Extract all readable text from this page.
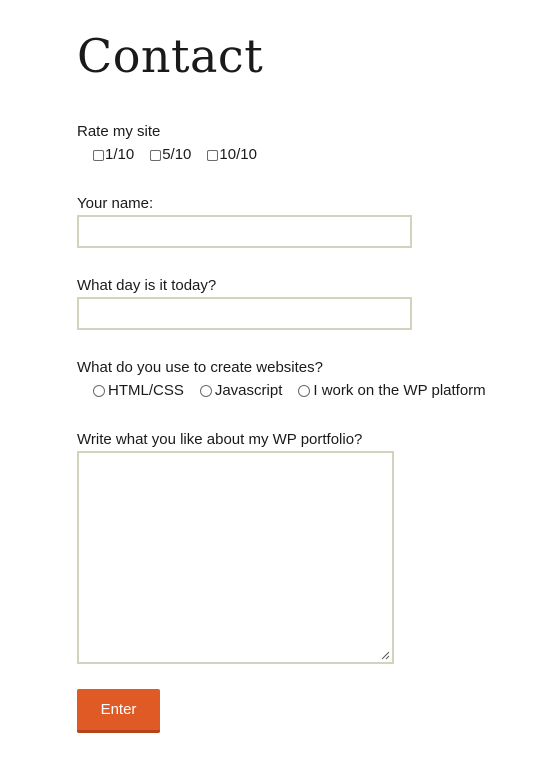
Contact
Rate my site
1/10 5/10 10/10
Your name:
What day is it today?
What do you use to create websites?
HTML/CSS Javascript I work on the WP platform
Write what you like about my WP portfolio?
Enter
